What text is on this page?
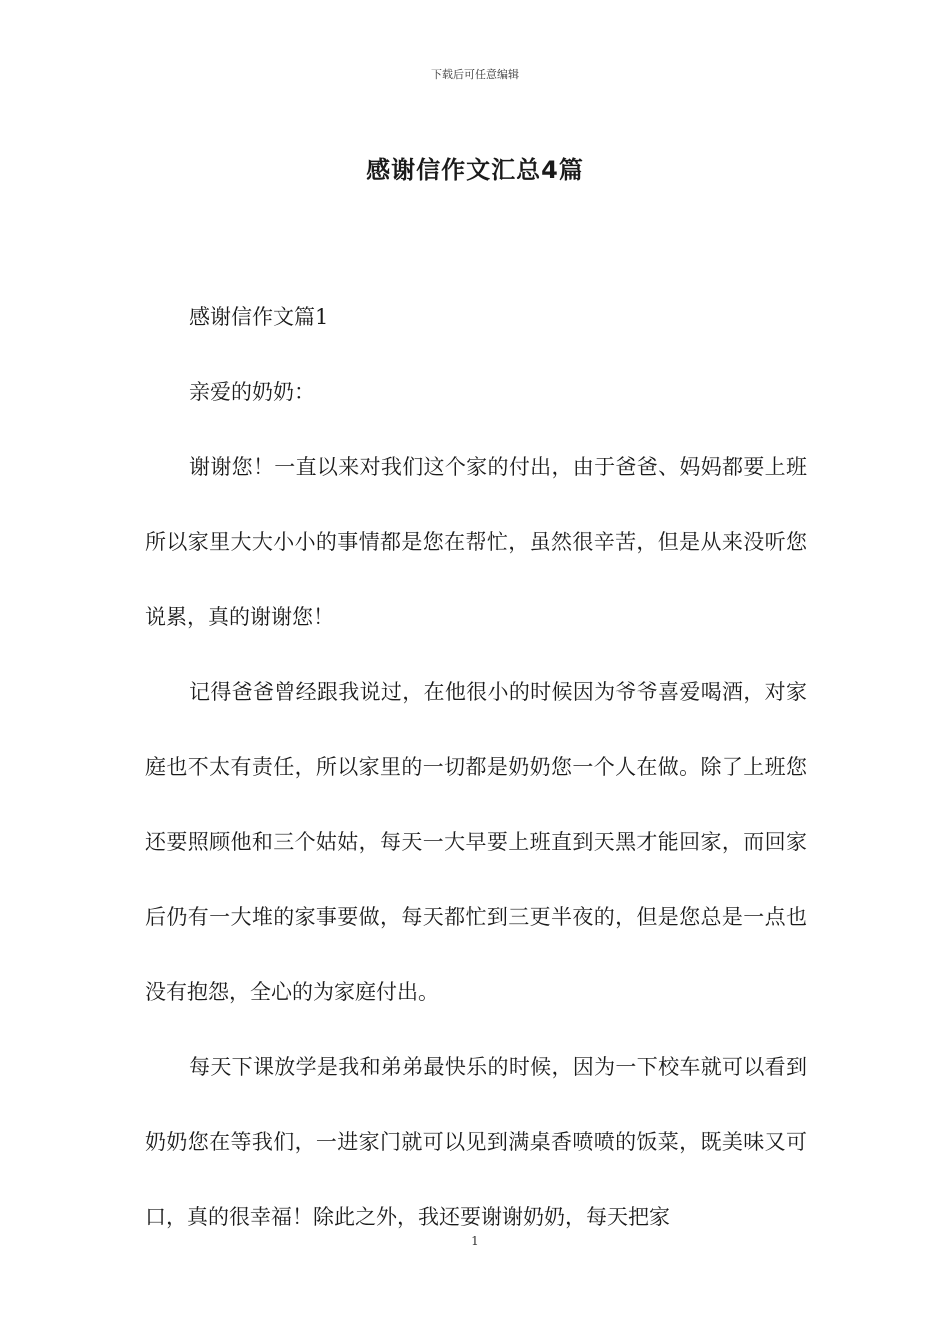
下载后可任意编辑
感谢信作文汇总4篇

感谢信作文篇1

亲爱的奶奶：

谢谢您！一直以来对我们这个家的付出，由于爸爸、妈妈都要上班所以家里大大小小的事情都是您在帮忙，虽然很辛苦，但是从来没听您说累，真的谢谢您！

记得爸爸曾经跟我说过，在他很小的时候因为爷爷喜爱喝酒，对家庭也不太有责任，所以家里的一切都是奶奶您一个人在做。除了上班您还要照顾他和三个姑姑，每天一大早要上班直到天黑才能回家，而回家后仍有一大堆的家事要做，每天都忙到三更半夜的，但是您总是一点也没有抱怨，全心的为家庭付出。

每天下课放学是我和弟弟最快乐的时候，因为一下校车就可以看到奶奶您在等我们，一进家门就可以见到满桌香喷喷的饭菜，既美味又可口，真的很幸福！除此之外，我还要谢谢奶奶，每天把家

1
